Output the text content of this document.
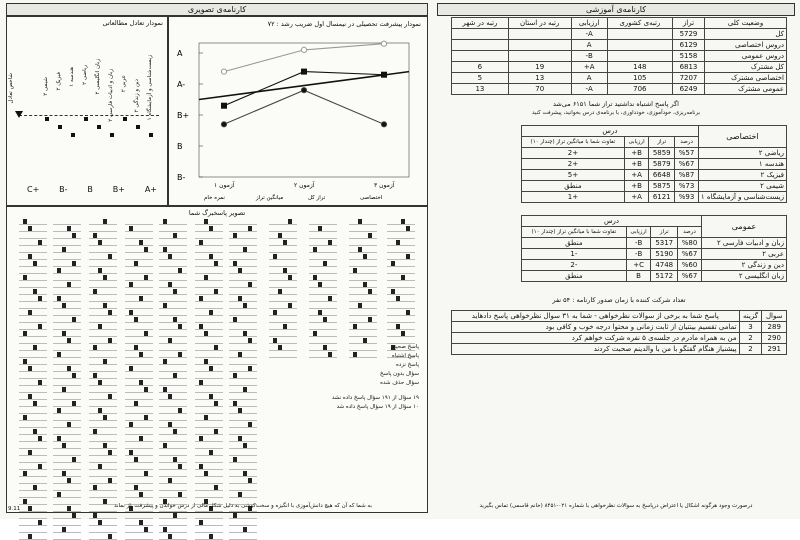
کارنامه‌ی تصویری
نمودار تعادل مطالعاتی
شاخص تعادل	شیمی ۲ فیزیک ۲ هندسه ۱ ریاضی ۲
زبان انگلیسی ۲
زبان و ادبیات فارسی ۲ عربی ۲
دین و زندگی ۲
زیست‌شناسی و آزمایشگاه ۱
C+ B- B B+ A+
نمودار پیشرفت تحصیلی در نیمسال اول ضریب رشد : ۷۲
A
A-
B+
B
B-
آزمون ۱	آزمون ۲	آزمون ۳
نمره خام	میانگین تراز	تراز کل	اختصاصی
تصویر پاسخبرگ شما
پاسخ صحیح
پاسخ اشتباه
پاسخ نزده
سؤال بدون پاسخ
سؤال حذف شده
۱۹ سؤال از ۱۹۱ سؤال پاسخ داده نشد
۱۰ سؤال از ۱۹ سؤال پاسخ داده شد
9.11	به شما که آن که هیچ دانش‌آموزی با انگیزه و سخت‌کوشی به دلیل شکل مالی از درس خواندن و پیشرفت باز نماند
کارنامه‌ی آموزشی
وضعیت کلی	تراز	رتبه‌ی کشوری	ارزیابی	رتبه در استان	رتبه در شهر
کل	5729		A-		
دروس اختصاصی	6129		A		
دروس عمومی	5158		B-		
کل مشترک	6813	148	A+	19	6
اختصاصی مشترک	7207	105	A	13	5
عمومی مشترک	6249	706	A-	70	13
اگر پاسخ اشتباه نداشتید تراز شما ۶۱۵۱ می‌شد
برنامه‌ریزی، خودآموزی، خودداوری، با برنامه‌ی درس بخوانید، پیشرفت کنید
اختصاصی	درس			
	درصد	تراز	ارزیابی	تفاوت شما با میانگین تراز (چندار ۱۰)
ریاضی ۲	%57	5859	B+	+2
هندسه ۱	%67	5879	B+	+2
فیزیک ۲	%87	6648	A+	+5
شیمی ۲	%73	5875	B+	منطق
زیست‌شناسی و آزمایشگاه ۱	%93	6121	A+	+1
عمومی	درس			
	درصد	تراز	ارزیابی	تفاوت شما با میانگین تراز (چندار ۱۰)
زبان و ادبیات فارسی ۲	%80	5317	B-	منطق
عربی ۲	%67	5190	B-	-1
دین و زندگی ۲	%60	4748	C+	-2
زبان انگلیسی ۲	%67	5172	B	منطق
تعداد شرکت کننده با زمان صدور کارنامه : ۵۴ نفر
سوال	گزینه	پاسخ شما به برخی از سوالات نظرخواهی - شما به ۳۱ سوال نظرخواهی پاسخ دادهاید
289	3	تمامی تقسیم بینتیان از ثابت زمانی و محتوا درجه خوب و کافی بود
290	2	من به همراه مادرم در جلسه‌ی ۵ نفره شرکت خواهم کرد
291	2	پیشنیاز هنگام گفتگو با من با والدینم صحبت کردند
درصورت وجود هرگونه اشکال یا اعتراض درپاسخ به سوالات نظرخواهی با شماره ۰۲۱-۸۴۵۱ (خانم قاسمی) تماس بگیرید
